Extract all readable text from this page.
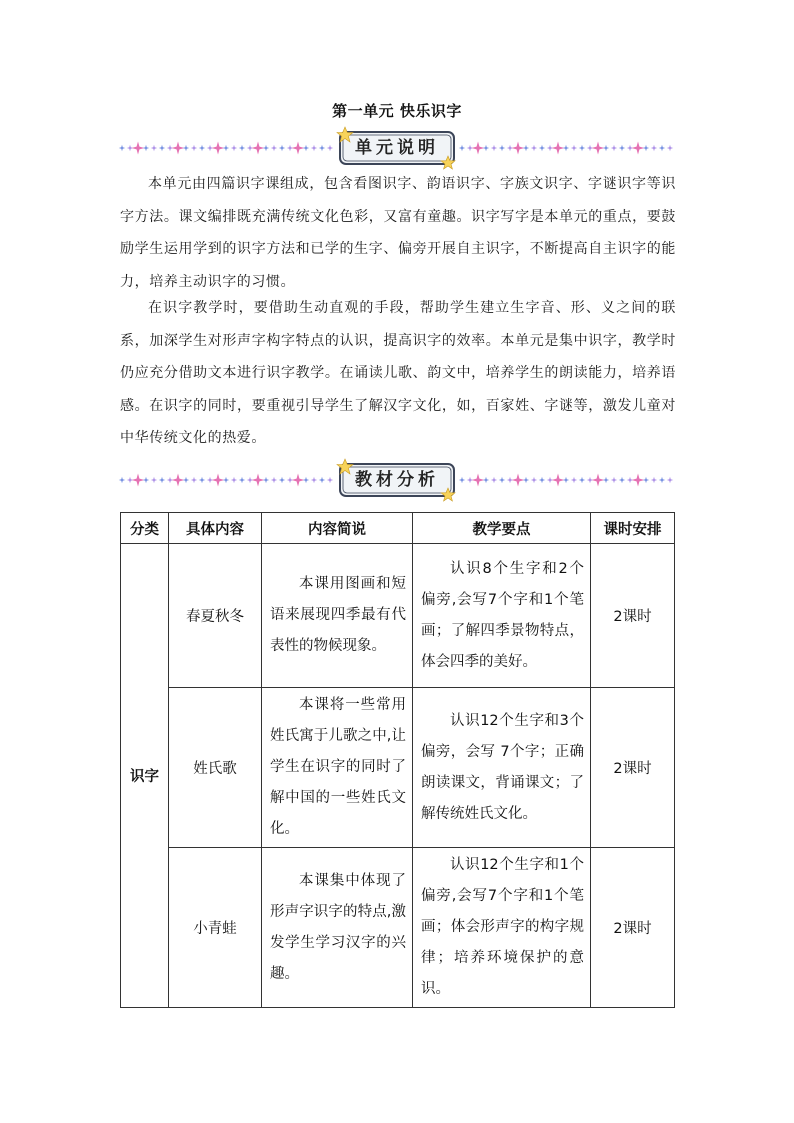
第一单元 快乐识字
单元说明

本单元由四篇识字课组成，包含看图识字、韵语识字、字族文识字、字谜识字等识字方法。课文编排既充满传统文化色彩，又富有童趣。识字写字是本单元的重点，要鼓励学生运用学到的识字方法和已学的生字、偏旁开展自主识字，不断提高自主识字的能力，培养主动识字的习惯。

在识字教学时，要借助生动直观的手段，帮助学生建立生字音、形、义之间的联系，加深学生对形声字构字特点的认识，提高识字的效率。本单元是集中识字，教学时仍应充分借助文本进行识字教学。在诵读儿歌、韵文中，培养学生的朗读能力，培养语感。在识字的同时，要重视引导学生了解汉字文化，如，百家姓、字谜等，激发儿童对中华传统文化的热爱。

教材分析
分类	具体内容	内容简说	教学要点	课时安排
识字	春夏秋冬	本课用图画和短语来展现四季最有代表性的物候现象。	认识8个生字和2个偏旁,会写7个字和1个笔画；了解四季景物特点，体会四季的美好。	2课时
	姓氏歌	本课将一些常用姓氏寓于儿歌之中,让学生在识字的同时了解中国的一些姓氏文化。	认识12个生字和3个偏旁，会写 7个字；正确朗读课文，背诵课文；了解传统姓氏文化。	2课时
	小青蛙	本课集中体现了形声字识字的特点,激发学生学习汉字的兴趣。	认识12个生字和1个偏旁,会写7个字和1个笔画；体会形声字的构字规律；培养环境保护的意识。	2课时
